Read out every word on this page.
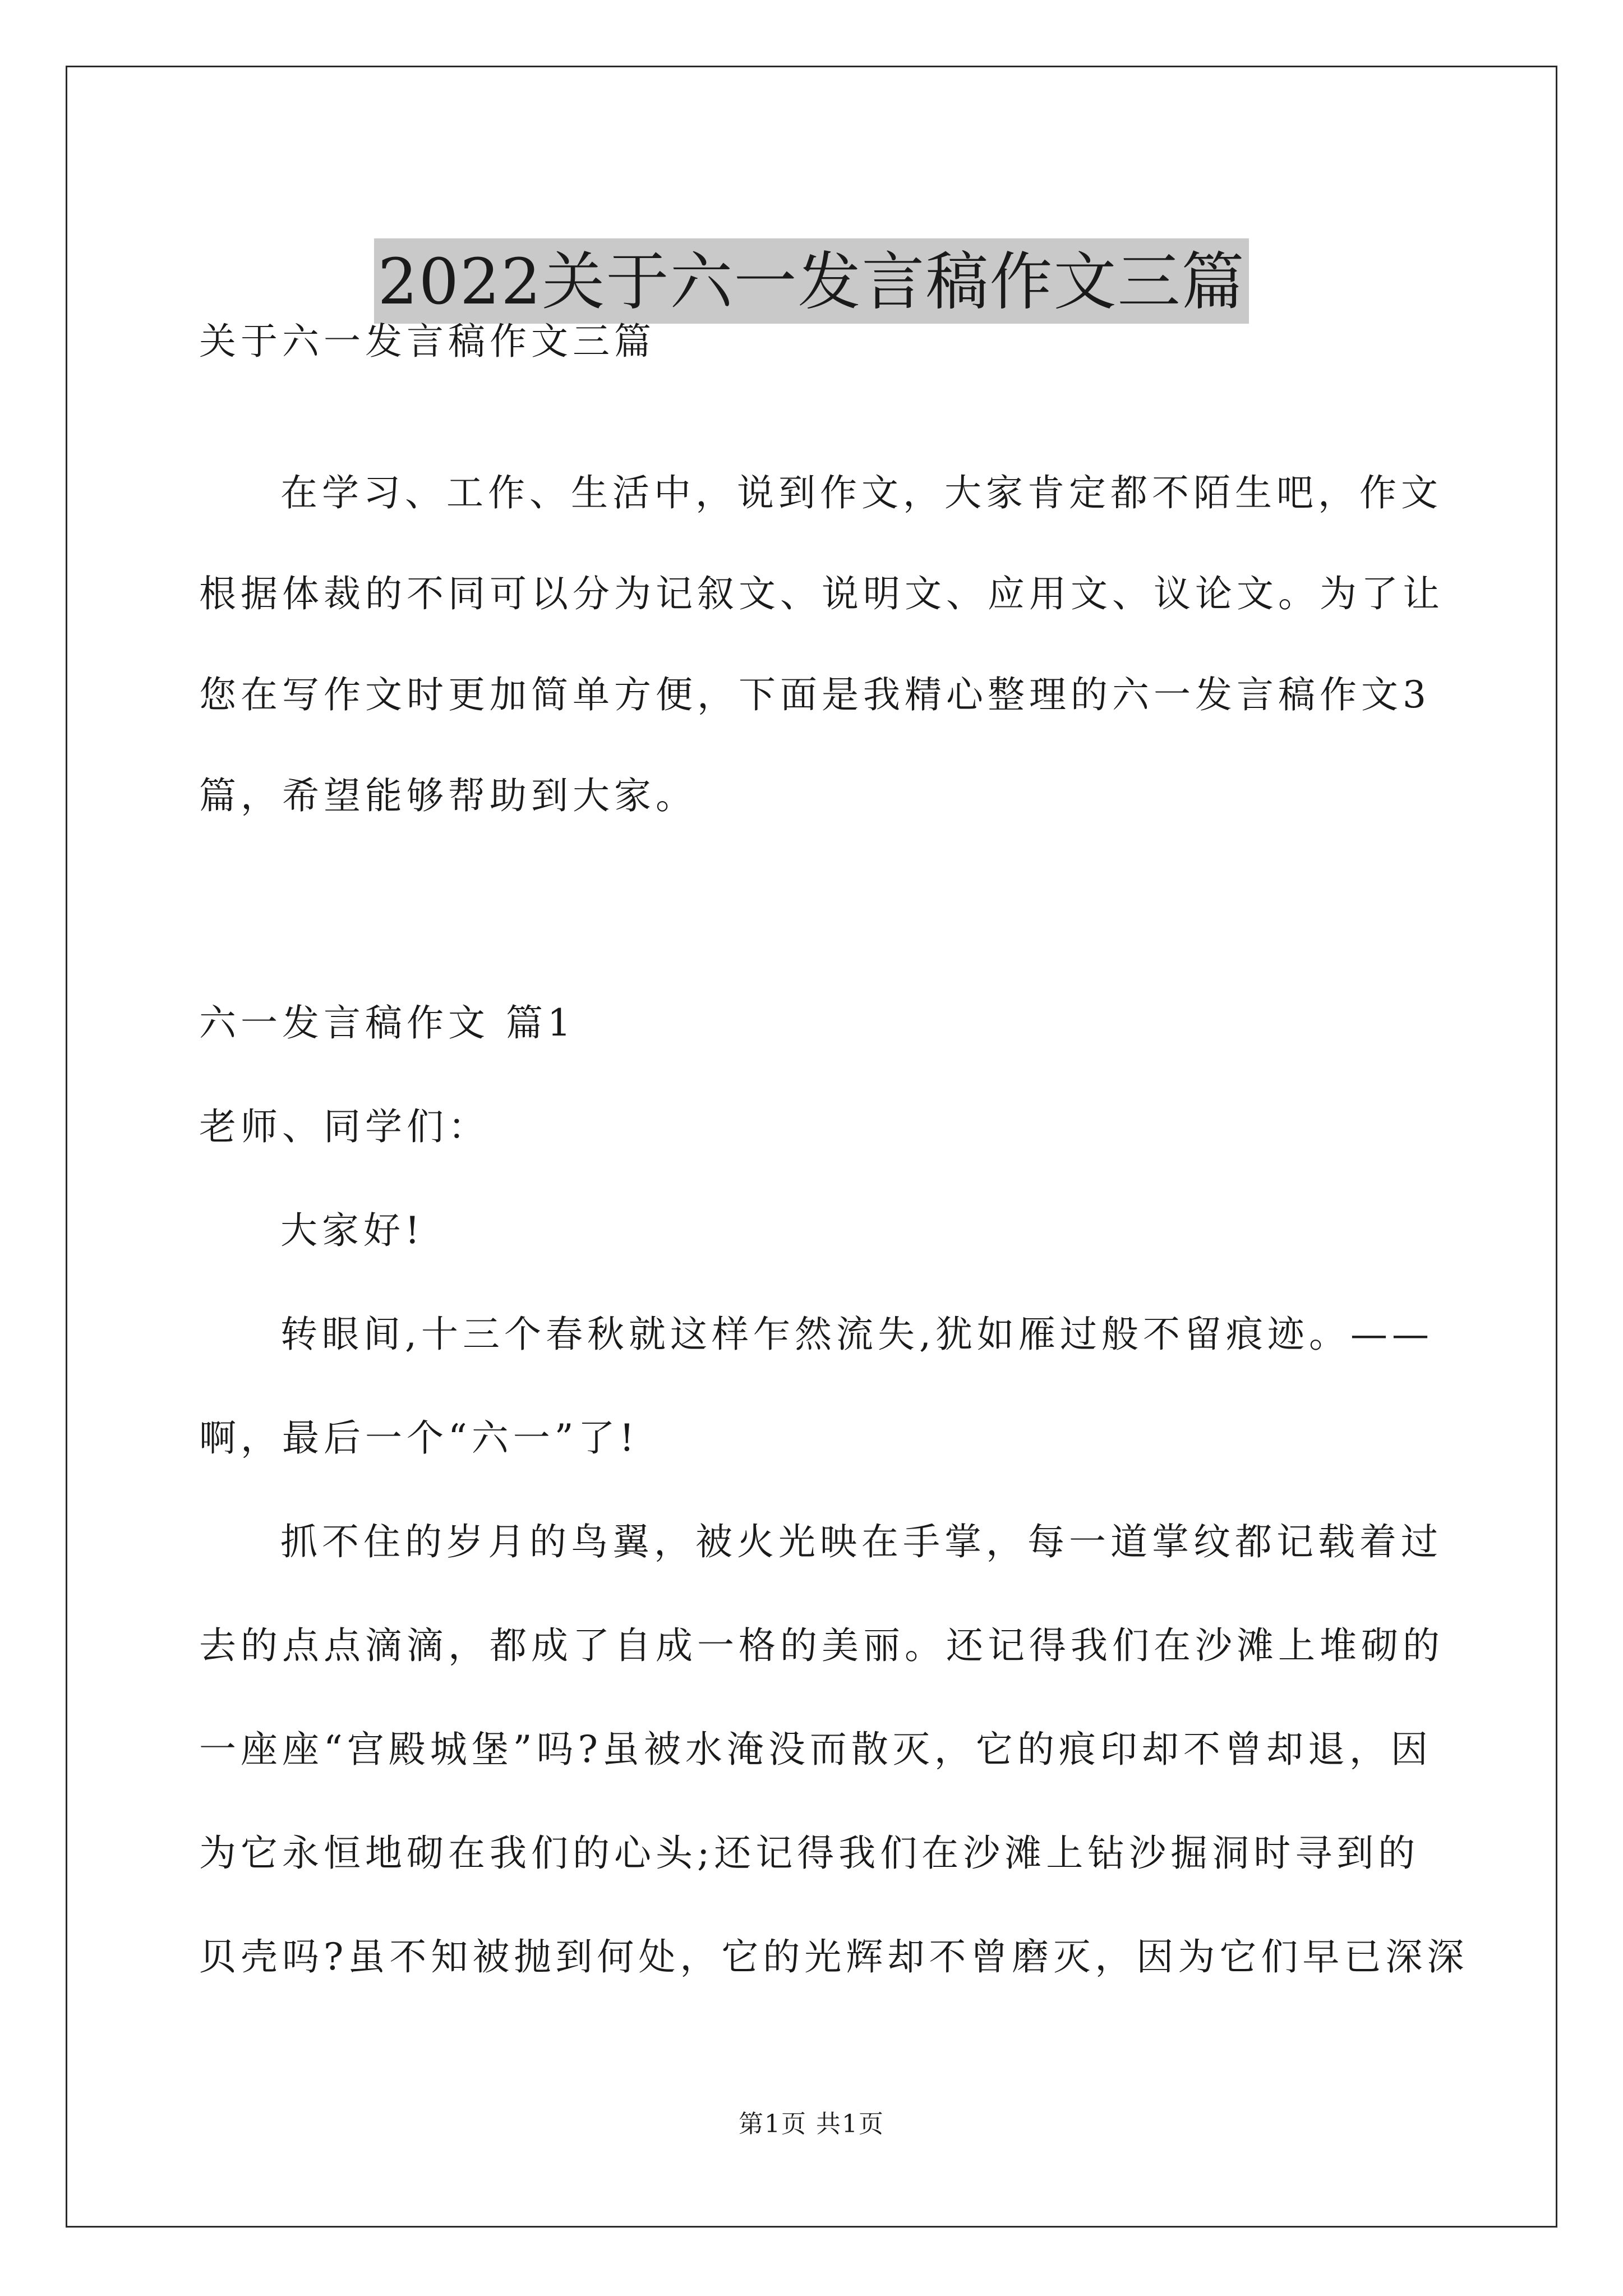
2022关于六一发言稿作文三篇

关于六一发言稿作文三篇

在学习、工作、生活中，说到作文，大家肯定都不陌生吧，作文

根据体裁的不同可以分为记叙文、说明文、应用文、议论文。为了让

您在写作文时更加简单方便，下面是我精心整理的六一发言稿作文3

篇，希望能够帮助到大家。

六一发言稿作文 篇1

老师、同学们：

大家好!

转眼间,十三个春秋就这样乍然流失,犹如雁过般不留痕迹。——

啊，最后一个“六一”了!

抓不住的岁月的鸟翼，被火光映在手掌，每一道掌纹都记载着过

去的点点滴滴，都成了自成一格的美丽。还记得我们在沙滩上堆砌的

一座座“宫殿城堡”吗?虽被水淹没而散灭，它的痕印却不曾却退，因

为它永恒地砌在我们的心头;还记得我们在沙滩上钻沙掘洞时寻到的

贝壳吗?虽不知被抛到何处，它的光辉却不曾磨灭，因为它们早已深深

第1页 共1页
